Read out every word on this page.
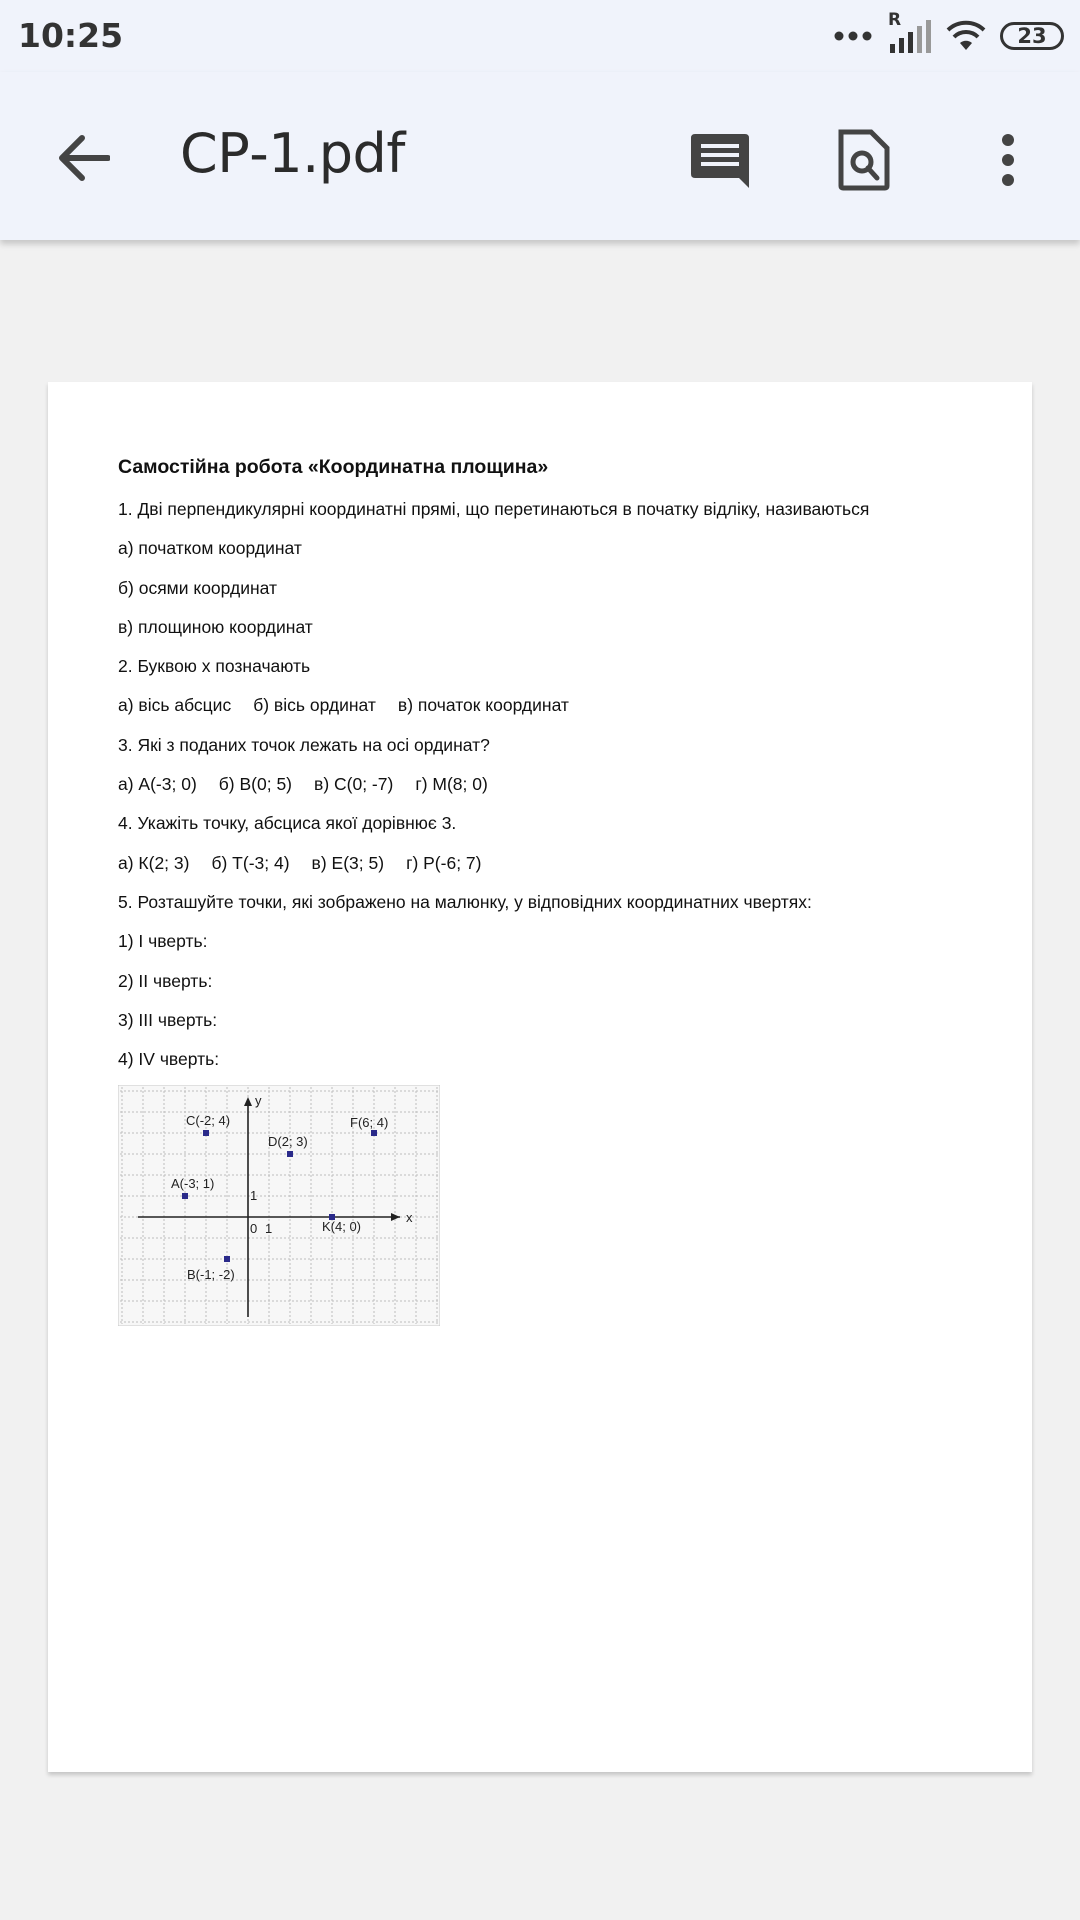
10:25	R
23
СР-1.pdf
Самостійна робота «Координатна площина»
1. Дві перпендикулярні координатні прямі, що перетинаються в початку відліку, називаються
а) початком координат
б) осями координат
в) площиною координат
2. Буквою х позначають
а) вісь абсцис б) вісь ординат в) початок координат
3. Які з поданих точок лежать на осі ординат?
а) А(-3; 0) б) В(0; 5) в) С(0; -7) г) М(8; 0)
4. Укажіть точку, абсциса якої дорівнює 3.
а) К(2; 3) б) Т(-3; 4) в) Е(3; 5) г) Р(-6; 7)
5. Розташуйте точки, які зображено на малюнку, у відповідних координатних чвертях:
1) І чверть:
2) ІІ чверть:
3) ІІІ чверть:
4) IV чверть:
x
y
0 1
1
C(-2; 4)	F(6; 4)
D(2; 3)
A(-3; 1)
K(4; 0)
B(-1; -2)
